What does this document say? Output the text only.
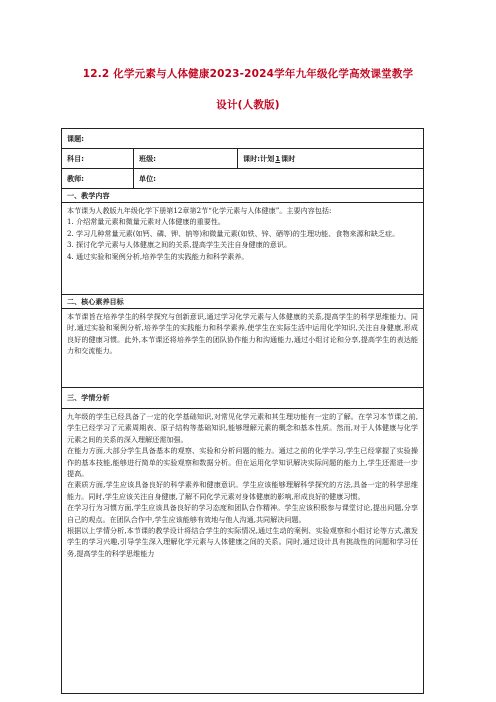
12.2 化学元素与人体健康2023-2024学年九年级化学高效课堂教学
设计(人教版)
课题:
科目:	班级:	课时:计划 1 课时
教师:	单位:
一、教学内容

本节课为人教版九年级化学下册第12章第2节“化学元素与人体健康”。主要内容包括:

1. 介绍常量元素和微量元素对人体健康的重要性。

2. 学习几种常量元素(如钙、磷、钾、钠等)和微量元素(如铁、锌、硒等)的生理功能、食物来源和缺乏症。

3. 探讨化学元素与人体健康之间的关系,提高学生关注自身健康的意识。

4. 通过实验和案例分析,培养学生的实践能力和科学素养。

二、核心素养目标

本节课旨在培养学生的科学探究与创新意识,通过学习化学元素与人体健康的关系,提高学生的科学思维能力。同时,通过实验和案例分析,培养学生的实践能力和科学素养,使学生在实际生活中运用化学知识,关注自身健康,形成良好的健康习惯。此外,本节课还将培养学生的团队协作能力和沟通能力,通过小组讨论和分享,提高学生的表达能力和交流能力。

三、学情分析

九年级的学生已经具备了一定的化学基础知识,对常见化学元素和其生理功能有一定的了解。在学习本节课之前,学生已经学习了元素周期表、原子结构等基础知识,能够理解元素的概念和基本性质。然而,对于人体健康与化学元素之间的关系的深入理解还需加强。

在能力方面,大部分学生具备基本的观察、实验和分析问题的能力。通过之前的化学学习,学生已经掌握了实验操作的基本技能,能够进行简单的实验观察和数据分析。但在运用化学知识解决实际问题的能力上,学生还需进一步提高。

在素质方面,学生应该具备良好的科学素养和健康意识。学生应该能够理解科学探究的方法,具备一定的科学思维能力。同时,学生应该关注自身健康,了解不同化学元素对身体健康的影响,形成良好的健康习惯。

在学习行为习惯方面,学生应该具备良好的学习态度和团队合作精神。学生应该积极参与课堂讨论,提出问题,分享自己的观点。在团队合作中,学生应该能够有效地与他人沟通,共同解决问题。

根据以上学情分析,本节课的教学设计将结合学生的实际情况,通过生动的案例、实验观察和小组讨论等方式,激发学生的学习兴趣,引导学生深入理解化学元素与人体健康之间的关系。同时,通过设计具有挑战性的问题和学习任务,提高学生的科学思维能力
